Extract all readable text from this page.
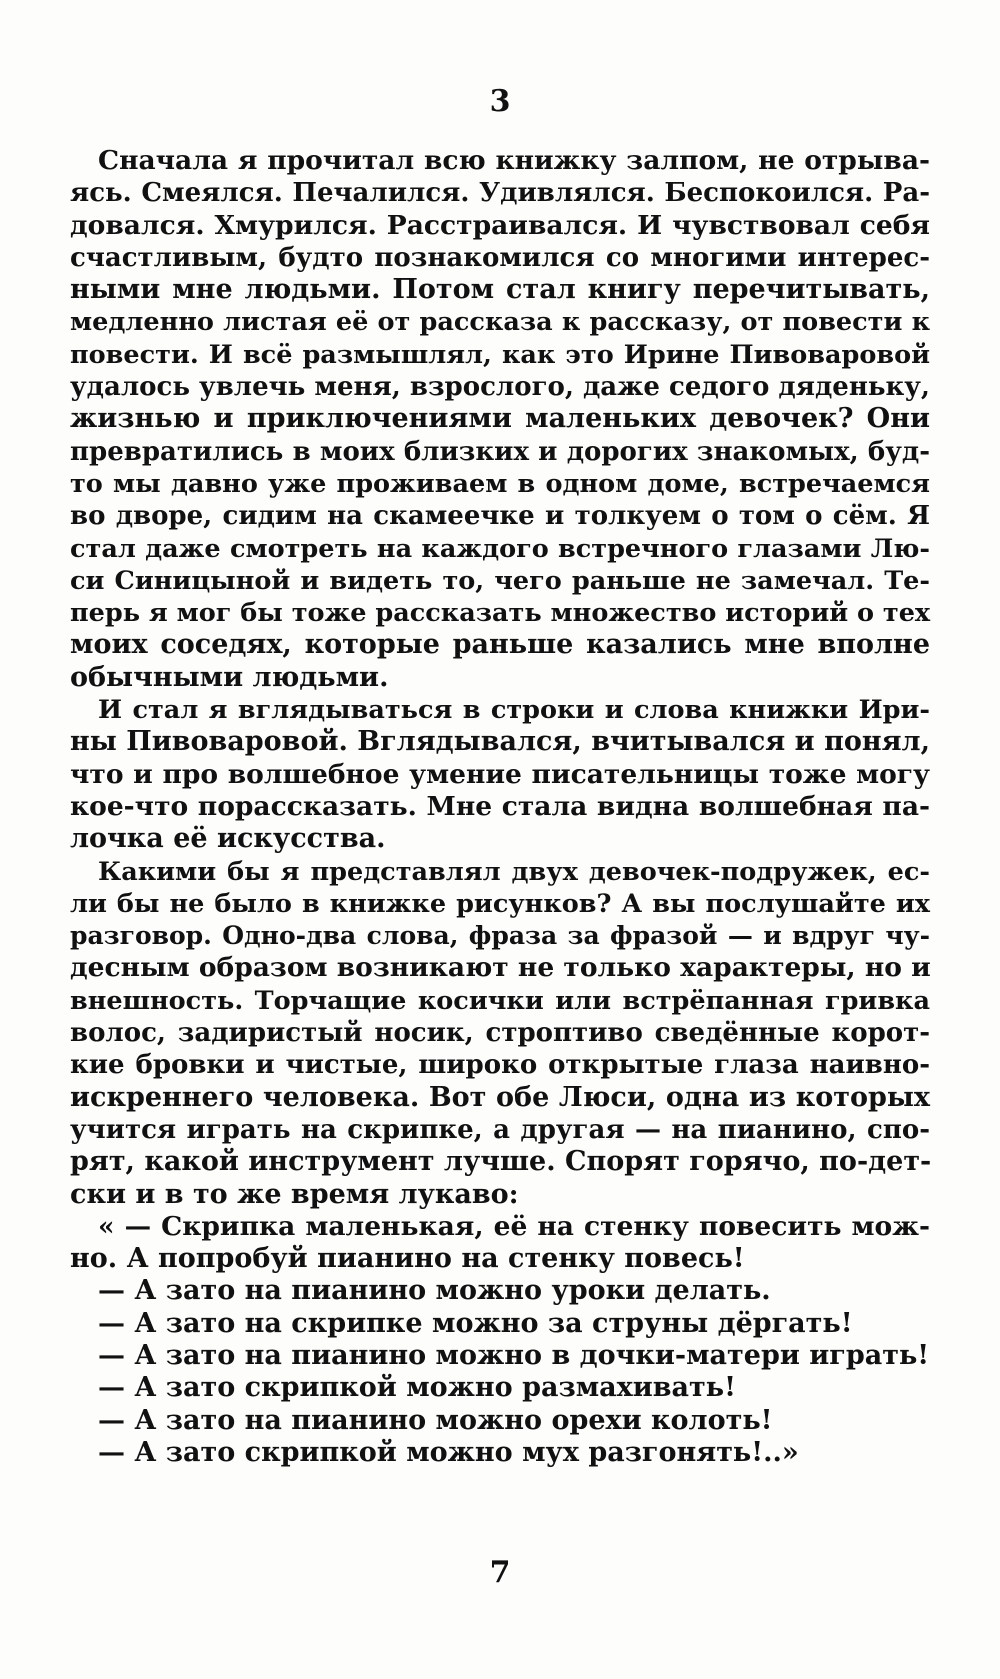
3
Сначала я прочитал всю книжку залпом, не отрыва-
ясь. Смеялся. Печалился. Удивлялся. Беспокоился. Ра-
довался. Хмурился. Расстраивался. И чувствовал себя
счастливым, будто познакомился со многими интерес-
ными мне людьми. Потом стал книгу перечитывать,
медленно листая её от рассказа к рассказу, от повести к
повести. И всё размышлял, как это Ирине Пивоваровой
удалось увлечь меня, взрослого, даже седого дяденьку,
жизнью и приключениями маленьких девочек? Они
превратились в моих близких и дорогих знакомых, буд-
то мы давно уже проживаем в одном доме, встречаемся
во дворе, сидим на скамеечке и толкуем о том о сём. Я
стал даже смотреть на каждого встречного глазами Лю-
си Синицыной и видеть то, чего раньше не замечал. Те-
перь я мог бы тоже рассказать множество историй о тех
моих соседях, которые раньше казались мне вполне
обычными людьми.
И стал я вглядываться в строки и слова книжки Ири-
ны Пивоваровой. Вглядывался, вчитывался и понял,
что и про волшебное умение писательницы тоже могу
кое-что порассказать. Мне стала видна волшебная па-
лочка её искусства.
Какими бы я представлял двух девочек-подружек, ес-
ли бы не было в книжке рисунков? А вы послушайте их
разговор. Одно-два слова, фраза за фразой — и вдруг чу-
десным образом возникают не только характеры, но и
внешность. Торчащие косички или встрёпанная гривка
волос, задиристый носик, строптиво сведённые корот-
кие бровки и чистые, широко открытые глаза наивно-
искреннего человека. Вот обе Люси, одна из которых
учится играть на скрипке, а другая — на пианино, спо-
рят, какой инструмент лучше. Спорят горячо, по-дет-
ски и в то же время лукаво:
« — Скрипка маленькая, её на стенку повесить мож-
но. А попробуй пианино на стенку повесь!
— А зато на пианино можно уроки делать.
— А зато на скрипке можно за струны дёргать!
— А зато на пианино можно в дочки-матери играть!
— А зато скрипкой можно размахивать!
— А зато на пианино можно орехи колоть!
— А зато скрипкой можно мух разгонять!..»
7
